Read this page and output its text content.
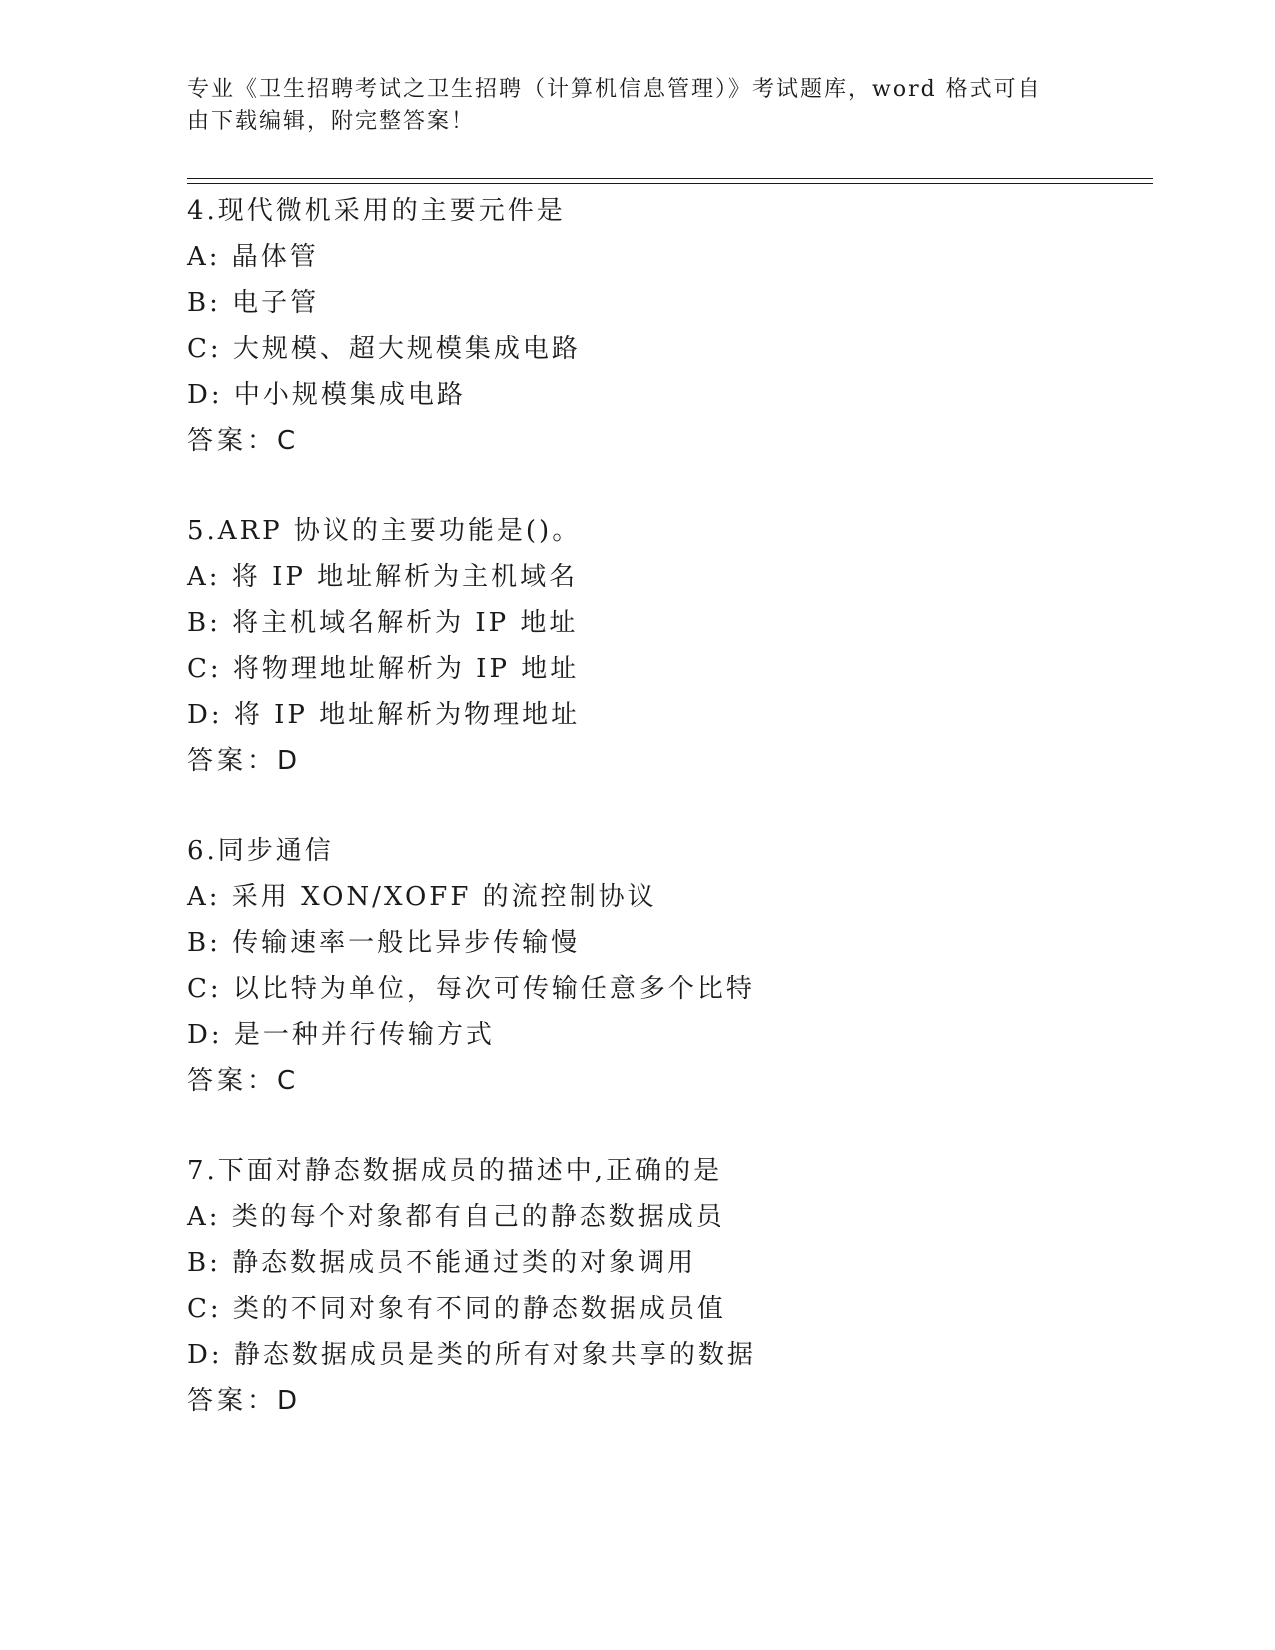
专业《卫生招聘考试之卫生招聘（计算机信息管理）》考试题库，word 格式可自
由下载编辑，附完整答案！
4.现代微机采用的主要元件是
A: 晶体管
B: 电子管
C: 大规模、超大规模集成电路
D: 中小规模集成电路
答案：C
5.ARP 协议的主要功能是()。
A: 将 IP 地址解析为主机域名
B: 将主机域名解析为 IP 地址
C: 将物理地址解析为 IP 地址
D: 将 IP 地址解析为物理地址
答案：D
6.同步通信
A: 采用 XON/XOFF 的流控制协议
B: 传输速率一般比异步传输慢
C: 以比特为单位，每次可传输任意多个比特
D: 是一种并行传输方式
答案：C
7.下面对静态数据成员的描述中,正确的是
A: 类的每个对象都有自己的静态数据成员
B: 静态数据成员不能通过类的对象调用
C: 类的不同对象有不同的静态数据成员值
D: 静态数据成员是类的所有对象共享的数据
答案：D
